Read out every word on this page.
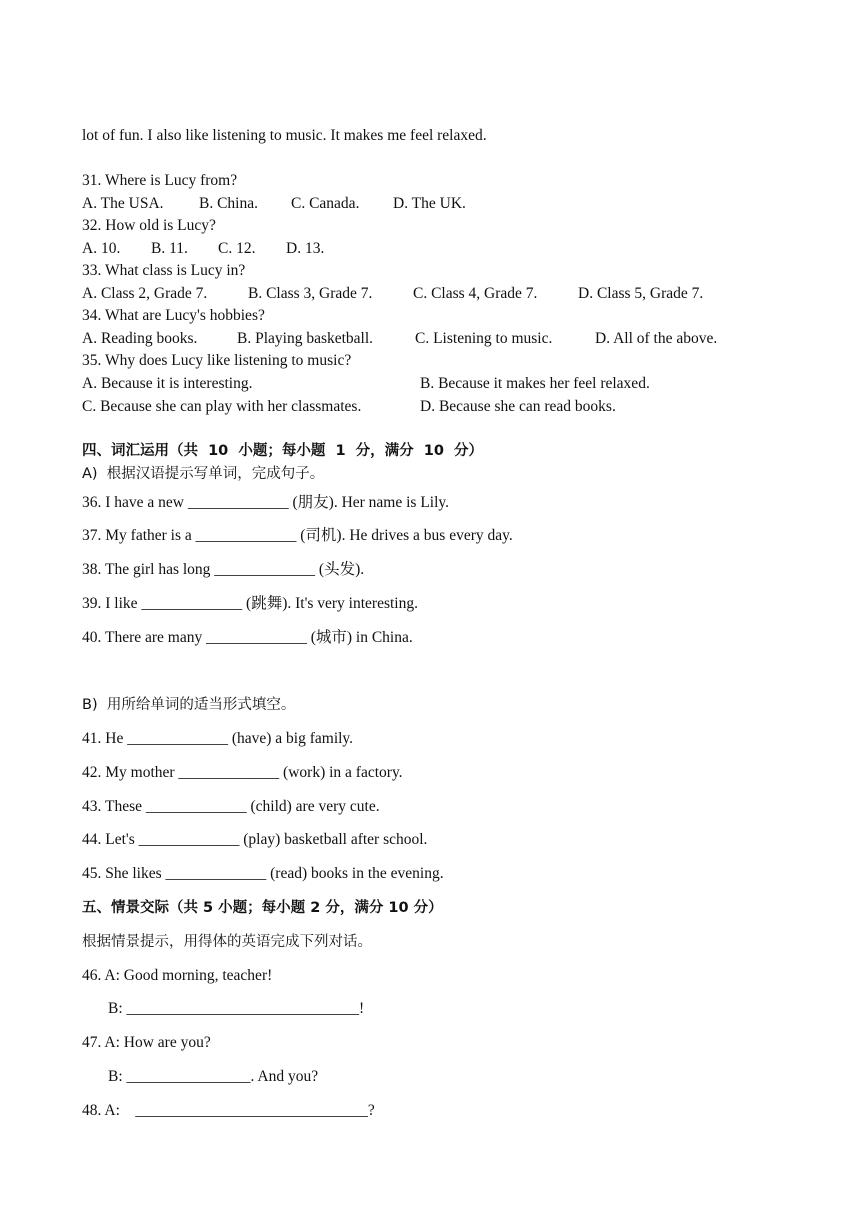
lot of fun. I also like listening to music. It makes me feel relaxed.
31. Where is Lucy from?
A. The USA. B. China. C. Canada. D. The UK.
32. How old is Lucy?
A. 10. B. 11. C. 12. D. 13.
33. What class is Lucy in?
A. Class 2, Grade 7.	B. Class 3, Grade 7.	C. Class 4, Grade 7.	D. Class 5, Grade 7.
34. What are Lucy's hobbies?
A. Reading books.	B. Playing basketball.	C. Listening to music.	D. All of the above.
35. Why does Lucy like listening to music?
A. Because it is interesting.	B. Because it makes her feel relaxed.
C. Because she can play with her classmates.	D. Because she can read books.
四、词汇运用（共  10  小题；每小题  1  分，满分  10  分）
A)  根据汉语提示写单词，完成句子。
36. I have a new _____________ (朋友). Her name is Lily.
37. My father is a _____________ (司机). He drives a bus every day.
38. The girl has long _____________ (头发).
39. I like _____________ (跳舞). It's very interesting.
40. There are many _____________ (城市) in China.
B)  用所给单词的适当形式填空。
41. He _____________ (have) a big family.
42. My mother _____________ (work) in a factory.
43. These _____________ (child) are very cute.
44. Let's _____________ (play) basketball after school.
45. She likes _____________ (read) books in the evening.
五、情景交际（共 5 小题；每小题 2 分，满分 10 分）
根据情景提示，用得体的英语完成下列对话。
46. A: Good morning, teacher!
B: ______________________________!
47. A: How are you?
B: ________________. And you?
48. A:    ______________________________?
